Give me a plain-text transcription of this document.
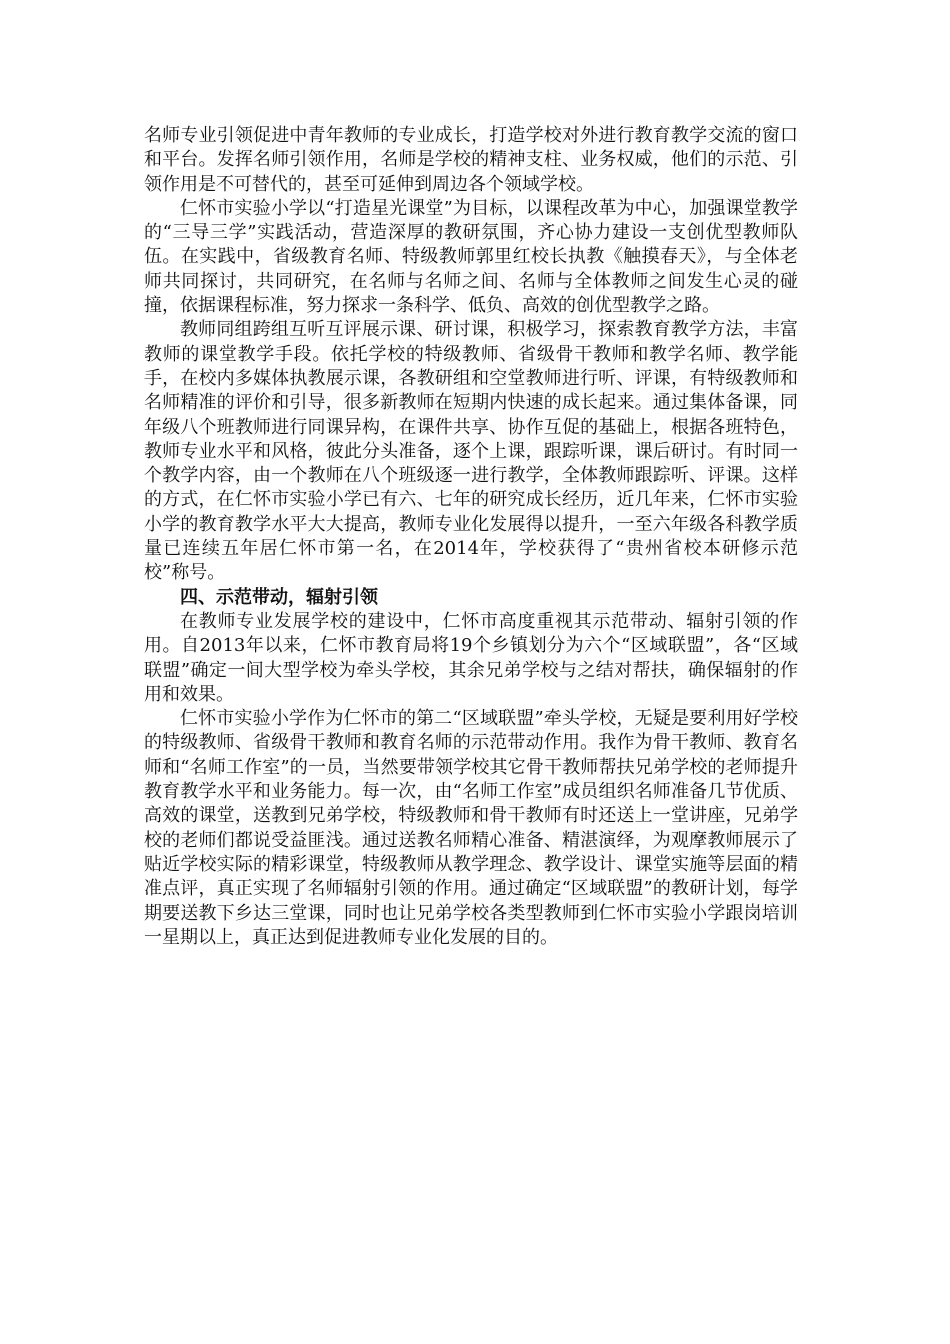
名师专业引领促进中青年教师的专业成长，打造学校对外进行教育教学交流的窗口和平台。发挥名师引领作用，名师是学校的精神支柱、业务权威，他们的示范、引领作用是不可替代的，甚至可延伸到周边各个领域学校。

仁怀市实验小学以“打造星光课堂”为目标，以课程改革为中心，加强课堂教学的“三导三学”实践活动，营造深厚的教研氛围，齐心协力建设一支创优型教师队伍。在实践中，省级教育名师、特级教师郭里红校长执教《触摸春天》，与全体老师共同探讨，共同研究，在名师与名师之间、名师与全体教师之间发生心灵的碰撞，依据课程标准，努力探求一条科学、低负、高效的创优型教学之路。

教师同组跨组互听互评展示课、研讨课，积极学习，探索教育教学方法，丰富教师的课堂教学手段。依托学校的特级教师、省级骨干教师和教学名师、教学能手，在校内多媒体执教展示课，各教研组和空堂教师进行听、评课，有特级教师和名师精准的评价和引导，很多新教师在短期内快速的成长起来。通过集体备课，同年级八个班教师进行同课异构，在课件共享、协作互促的基础上，根据各班特色，教师专业水平和风格，彼此分头准备，逐个上课，跟踪听课，课后研讨。有时同一个教学内容，由一个教师在八个班级逐一进行教学，全体教师跟踪听、评课。这样的方式，在仁怀市实验小学已有六、七年的研究成长经历，近几年来，仁怀市实验小学的教育教学水平大大提高，教师专业化发展得以提升，一至六年级各科教学质量已连续五年居仁怀市第一名，在2014年，学校获得了“贵州省校本研修示范校”称号。

四、示范带动，辐射引领

在教师专业发展学校的建设中，仁怀市高度重视其示范带动、辐射引领的作用。自2013年以来，仁怀市教育局将19个乡镇划分为六个“区域联盟”，各“区域联盟”确定一间大型学校为牵头学校，其余兄弟学校与之结对帮扶，确保辐射的作用和效果。

仁怀市实验小学作为仁怀市的第二“区域联盟”牵头学校，无疑是要利用好学校的特级教师、省级骨干教师和教育名师的示范带动作用。我作为骨干教师、教育名师和“名师工作室”的一员，当然要带领学校其它骨干教师帮扶兄弟学校的老师提升教育教学水平和业务能力。每一次，由“名师工作室”成员组织名师准备几节优质、高效的课堂，送教到兄弟学校，特级教师和骨干教师有时还送上一堂讲座，兄弟学校的老师们都说受益匪浅。通过送教名师精心准备、精湛演绎，为观摩教师展示了贴近学校实际的精彩课堂，特级教师从教学理念、教学设计、课堂实施等层面的精准点评，真正实现了名师辐射引领的作用。通过确定“区域联盟”的教研计划，每学期要送教下乡达三堂课，同时也让兄弟学校各类型教师到仁怀市实验小学跟岗培训一星期以上，真正达到促进教师专业化发展的目的。
